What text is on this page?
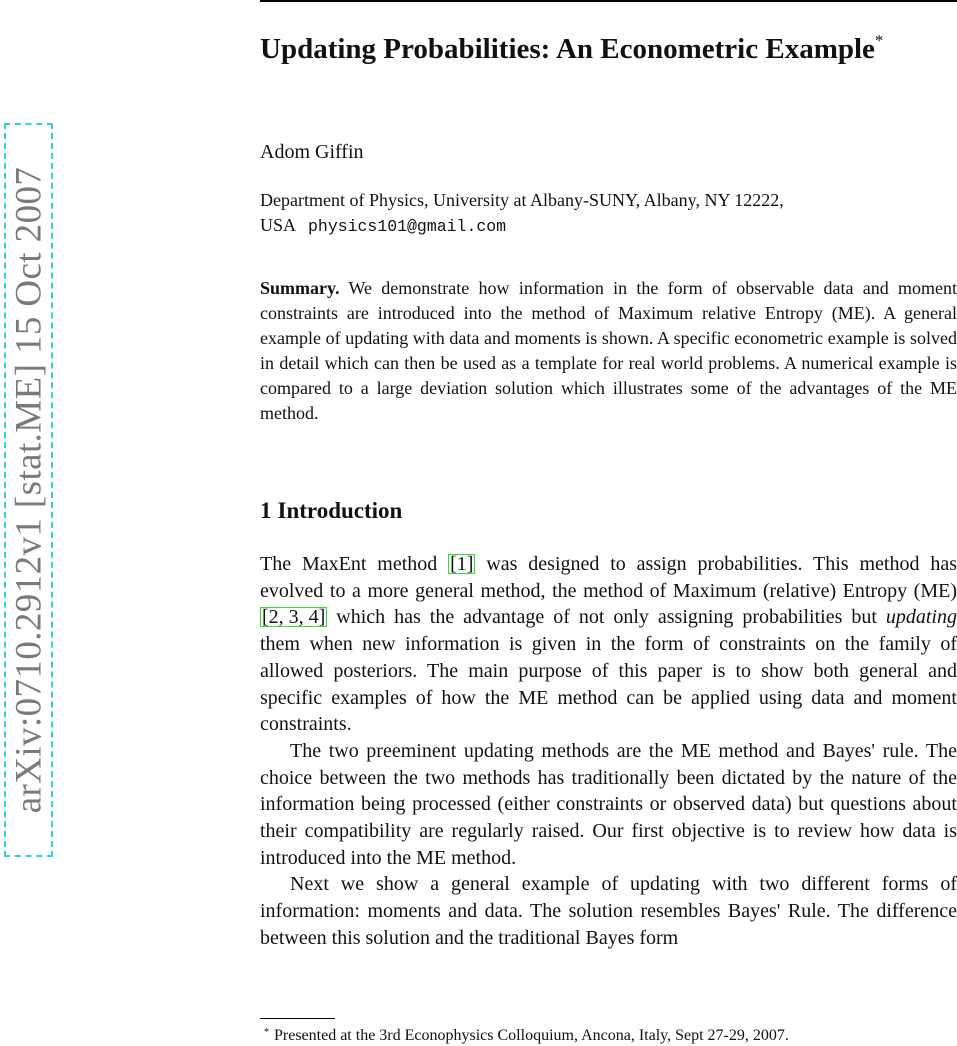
arXiv:0710.2912v1 [stat.ME] 15 Oct 2007
Updating Probabilities: An Econometric Example*
Adom Giffin
Department of Physics, University at Albany-SUNY, Albany, NY 12222, USA physics101@gmail.com

Summary. We demonstrate how information in the form of observable data and moment constraints are introduced into the method of Maximum relative Entropy (ME). A general example of updating with data and moments is shown. A specific econometric example is solved in detail which can then be used as a template for real world problems. A numerical example is compared to a large deviation solution which illustrates some of the advantages of the ME method.

1 Introduction

The MaxEnt method [1] was designed to assign probabilities. This method has evolved to a more general method, the method of Maximum (relative) Entropy (ME) [2, 3, 4] which has the advantage of not only assigning probabilities but updating them when new information is given in the form of constraints on the family of allowed posteriors. The main purpose of this paper is to show both general and specific examples of how the ME method can be applied using data and moment constraints.

The two preeminent updating methods are the ME method and Bayes' rule. The choice between the two methods has traditionally been dictated by the nature of the information being processed (either constraints or observed data) but questions about their compatibility are regularly raised. Our first objective is to review how data is introduced into the ME method.

Next we show a general example of updating with two different forms of information: moments and data. The solution resembles Bayes' Rule. The difference between this solution and the traditional Bayes form

* Presented at the 3rd Econophysics Colloquium, Ancona, Italy, Sept 27-29, 2007.
